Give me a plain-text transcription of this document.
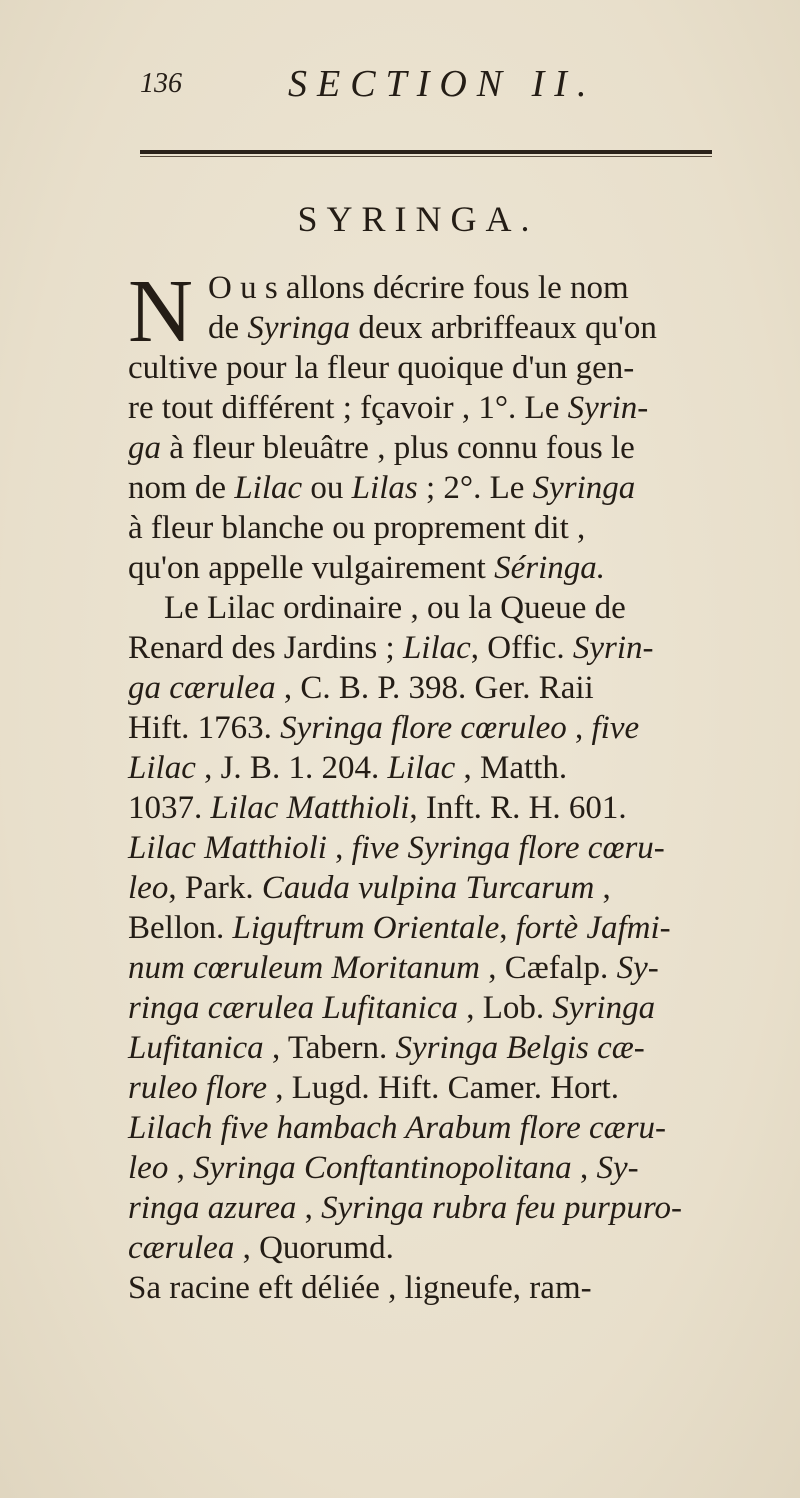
136	SECTION II.
SYRINGA.
N O u s allons décrire fous le nom
de Syringa deux arbriffeaux qu'on
cultive pour la fleur quoique d'un gen-
re tout différent ; fçavoir , 1°. Le Syrin-
ga à fleur bleuâtre , plus connu fous le
nom de Lilac ou Lilas ; 2°. Le Syringa
à fleur blanche ou proprement dit ,
qu'on appelle vulgairement Séringa.
Le Lilac ordinaire , ou la Queue de
Renard des Jardins ; Lilac, Offic. Syrin-
ga cærulea , C. B. P. 398. Ger. Raii
Hift. 1763. Syringa flore cœruleo , five
Lilac , J. B. 1. 204. Lilac , Matth.
1037. Lilac Matthioli, Inft. R. H. 601.
Lilac Matthioli , five Syringa flore cœru-
leo, Park. Cauda vulpina Turcarum ,
Bellon. Liguftrum Orientale, fortè Jafmi-
num cœruleum Moritanum , Cæfalp. Sy-
ringa cærulea Lufitanica , Lob. Syringa
Lufitanica , Tabern. Syringa Belgis cæ-
ruleo flore , Lugd. Hift. Camer. Hort.
Lilach five hambach Arabum flore cæru-
leo , Syringa Conftantinopolitana , Sy-
ringa azurea , Syringa rubra feu purpuro-
cærulea , Quorumd.
Sa racine eft déliée , ligneufe, ram-
